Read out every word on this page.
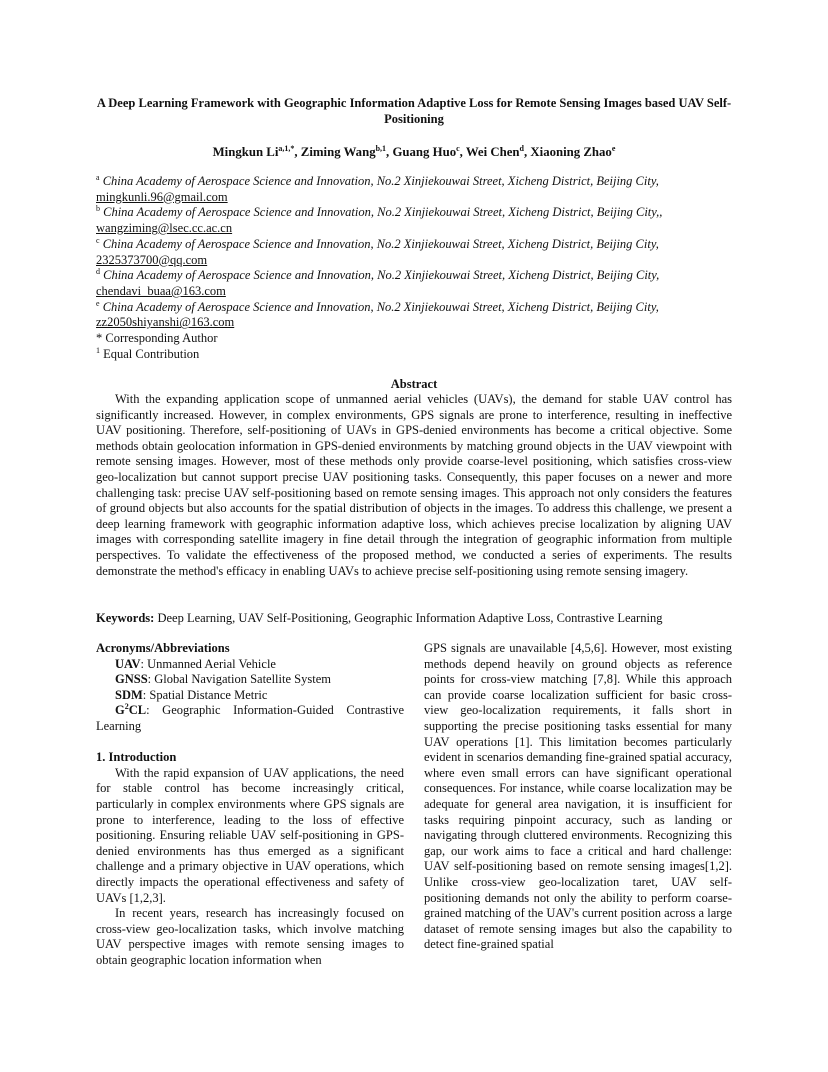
A Deep Learning Framework with Geographic Information Adaptive Loss for Remote Sensing Images based UAV Self-Positioning
Mingkun $Li^{a,1,*}$, Ziming Wang$^{b,1}$, Guang Huo$^c$, Wei Chen$^d$, Xiaoning Zhao$^e$
$^a$ China Academy of Aerospace Science and Innovation, No.2 Xinjiekouwai Street, Xicheng District, Beijing City,
mingkunli.96@gmail.com
$^b$ China Academy of Aerospace Science and Innovation, No.2 Xinjiekouwai Street, Xicheng District, Beijing City,,
wangziming@lsec.cc.ac.cn
$^c$ China Academy of Aerospace Science and Innovation, No.2 Xinjiekouwai Street, Xicheng District, Beijing City,
2325373700@qq.com
$^d$ China Academy of Aerospace Science and Innovation, No.2 Xinjiekouwai Street, Xicheng District, Beijing City,
chendavi_buaa@163.com
$^e$ China Academy of Aerospace Science and Innovation, No.2 Xinjiekouwai Street, Xicheng District, Beijing City,
zz2050shiyanshi@163.com
* Corresponding Author
$^1$ Equal Contribution
Abstract

With the expanding application scope of unmanned aerial vehicles (UAVs), the demand for stable UAV control has significantly increased. However, in complex environments, GPS signals are prone to interference, resulting in ineffective UAV positioning. Therefore, self-positioning of UAVs in GPS-denied environments has become a critical objective. Some methods obtain geolocation information in GPS-denied environments by matching ground objects in the UAV viewpoint with remote sensing images. However, most of these methods only provide coarse-level positioning, which satisfies cross-view geo-localization but cannot support precise UAV positioning tasks. Consequently, this paper focuses on a newer and more challenging task: precise UAV self-positioning based on remote sensing images. This approach not only considers the features of ground objects but also accounts for the spatial distribution of objects in the images. To address this challenge, we present a deep learning framework with geographic information adaptive loss, which achieves precise localization by aligning UAV images with corresponding satellite imagery in fine detail through the integration of geographic information from multiple perspectives. To validate the effectiveness of the proposed method, we conducted a series of experiments. The results demonstrate the method's efficacy in enabling UAVs to achieve precise self-positioning using remote sensing imagery.

Keywords: Deep Learning, UAV Self-Positioning, Geographic Information Adaptive Loss, Contrastive Learning

Acronyms/Abbreviations

UAV: Unmanned Aerial Vehicle

GNSS: Global Navigation Satellite System

SDM: Spatial Distance Metric

$G^2CL$: Geographic Information-Guided Contrastive Learning

1. Introduction

With the rapid expansion of UAV applications, the need for stable control has become increasingly critical, particularly in complex environments where GPS signals are prone to interference, leading to the loss of effective positioning. Ensuring reliable UAV self-positioning in GPS-denied environments has thus emerged as a significant challenge and a primary objective in UAV operations, which directly impacts the operational effectiveness and safety of UAVs [1,2,3].

In recent years, research has increasingly focused on cross-view geo-localization tasks, which involve matching UAV perspective images with remote sensing images to obtain geographic location information when

GPS signals are unavailable [4,5,6]. However, most existing methods depend heavily on ground objects as reference points for cross-view matching [7,8]. While this approach can provide coarse localization sufficient for basic cross-view geo-localization requirements, it falls short in supporting the precise positioning tasks essential for many UAV operations [1]. This limitation becomes particularly evident in scenarios demanding fine-grained spatial accuracy, where even small errors can have significant operational consequences. For instance, while coarse localization may be adequate for general area navigation, it is insufficient for tasks requiring pinpoint accuracy, such as landing or navigating through cluttered environments. Recognizing this gap, our work aims to face a critical and hard challenge: UAV self-positioning based on remote sensing images[1,2]. Unlike cross-view geo-localization taret, UAV self-positioning demands not only the ability to perform coarse-grained matching of the UAV's current position across a large dataset of remote sensing images but also the capability to detect fine-grained spatial
